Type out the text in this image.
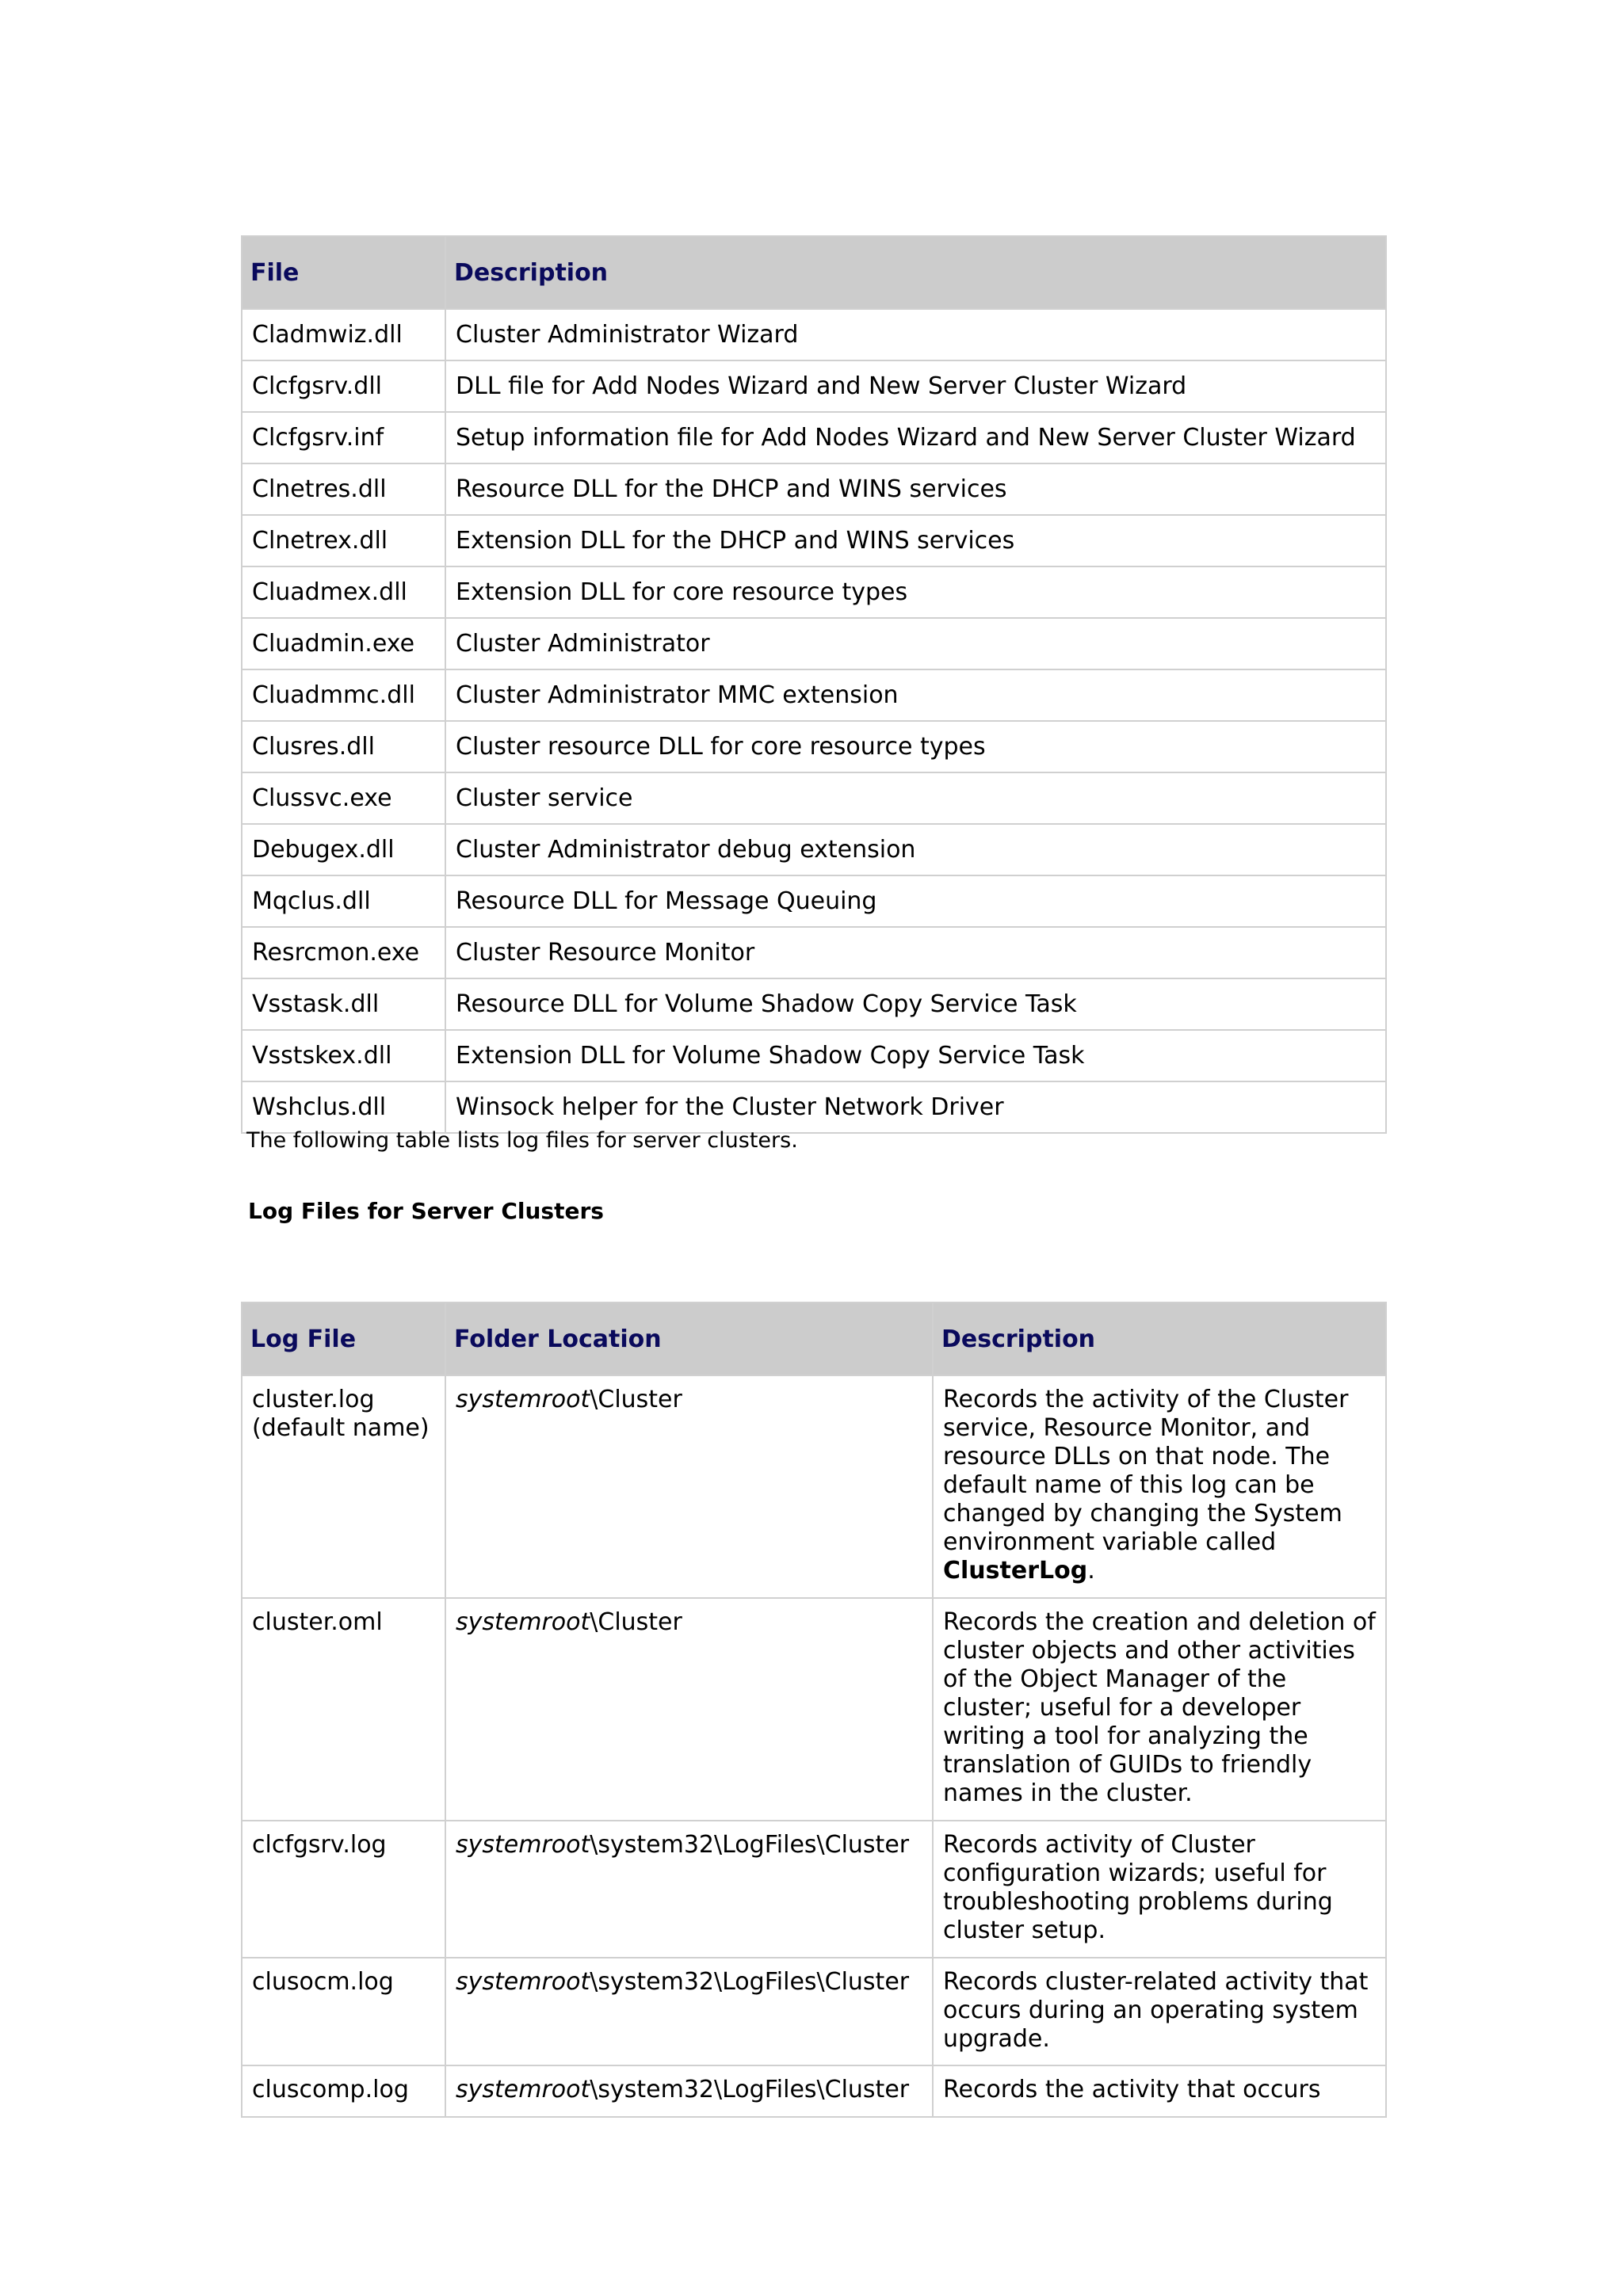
File	Description
Cladmwiz.dll	Cluster Administrator Wizard
Clcfgsrv.dll	DLL file for Add Nodes Wizard and New Server Cluster Wizard
Clcfgsrv.inf	Setup information file for Add Nodes Wizard and New Server Cluster Wizard
Clnetres.dll	Resource DLL for the DHCP and WINS services
Clnetrex.dll	Extension DLL for the DHCP and WINS services
Cluadmex.dll	Extension DLL for core resource types
Cluadmin.exe	Cluster Administrator
Cluadmmc.dll	Cluster Administrator MMC extension
Clusres.dll	Cluster resource DLL for core resource types
Clussvc.exe	Cluster service
Debugex.dll	Cluster Administrator debug extension
Mqclus.dll	Resource DLL for Message Queuing
Resrcmon.exe	Cluster Resource Monitor
Vsstask.dll	Resource DLL for Volume Shadow Copy Service Task
Vsstskex.dll	Extension DLL for Volume Shadow Copy Service Task
Wshclus.dll	Winsock helper for the Cluster Network Driver

The following table lists log files for server clusters.

Log Files for Server Clusters

Log File	Folder Location	Description
cluster.log (default name)	systemroot\Cluster	Records the activity of the Cluster service, Resource Monitor, and resource DLLs on that node. The default name of this log can be changed by changing the System environment variable called ClusterLog.
cluster.oml	systemroot\Cluster	Records the creation and deletion of cluster objects and other activities of the Object Manager of the cluster; useful for a developer writing a tool for analyzing the translation of GUIDs to friendly names in the cluster.
clcfgsrv.log	systemroot\system32\LogFiles\Cluster	Records activity of Cluster configuration wizards; useful for troubleshooting problems during cluster setup.
clusocm.log	systemroot\system32\LogFiles\Cluster	Records cluster-related activity that occurs during an operating system upgrade.
cluscomp.log	systemroot\system32\LogFiles\Cluster	Records the activity that occurs
